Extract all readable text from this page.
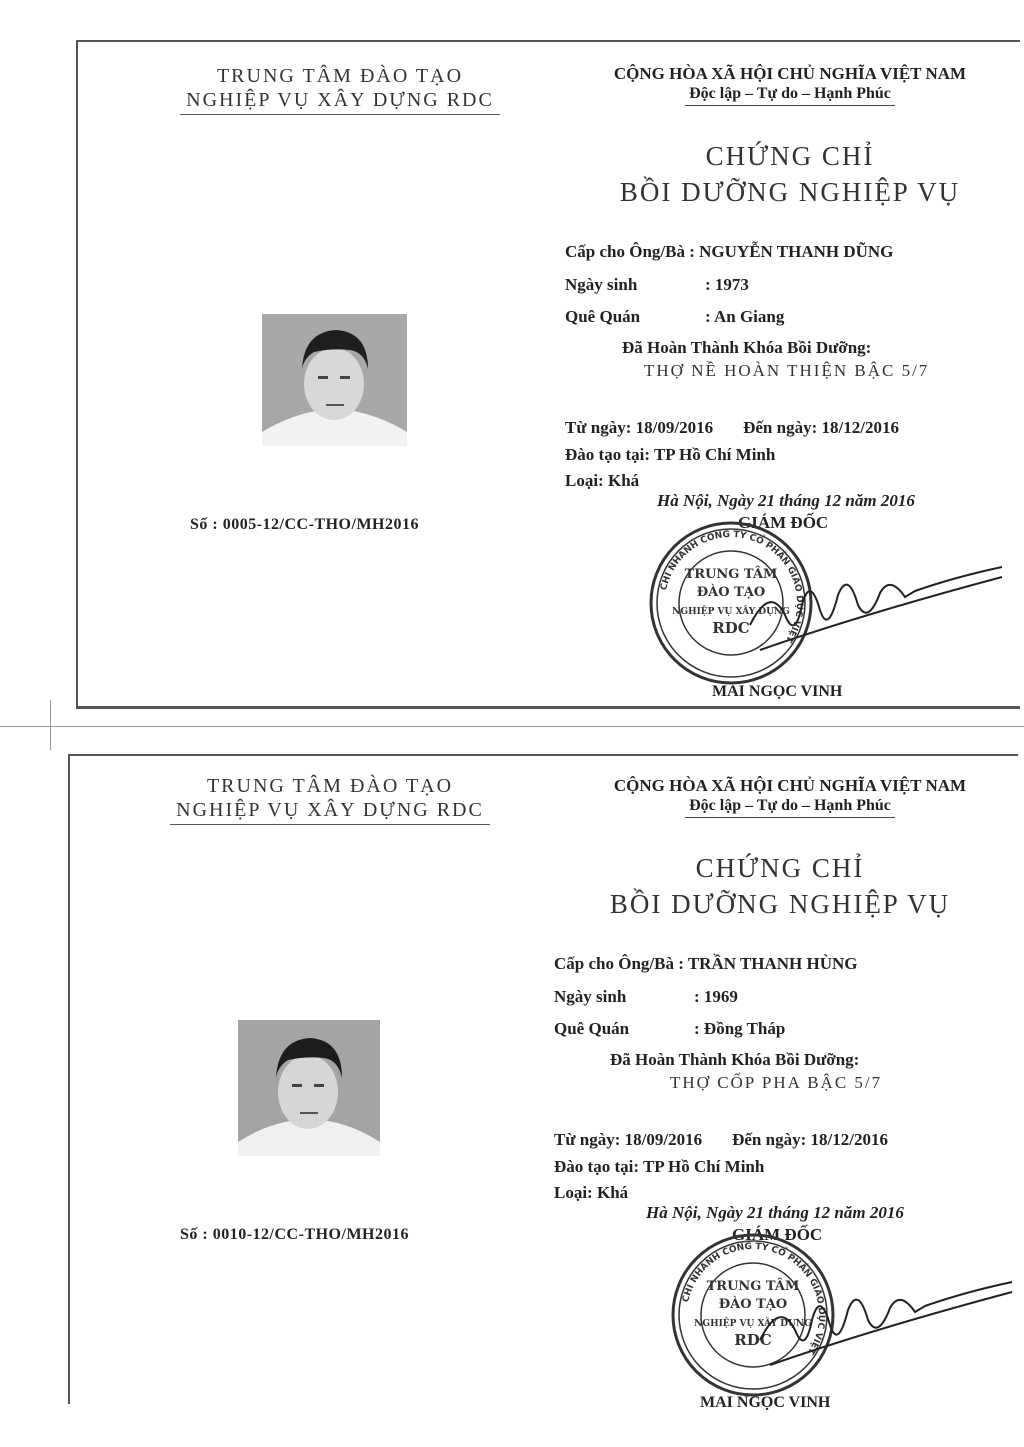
TRUNG TÂM ĐÀO TẠO
NGHIỆP VỤ XÂY DỰNG RDC
CỘNG HÒA XÃ HỘI CHỦ NGHĨA VIỆT NAM
Độc lập – Tự do – Hạnh Phúc
CHỨNG CHỈ
BỒI DƯỠNG NGHIỆP VỤ
Cấp cho Ông/Bà : NGUYỄN THANH DŨNG
Ngày sinh	: 1973
Quê Quán	: An Giang
Đã Hoàn Thành Khóa Bồi Dưỡng:
THỢ NỀ HOÀN THIỆN BẬC 5/7
Từ ngày: 18/09/2016 Đến ngày: 18/12/2016
Đào tạo tại: TP Hồ Chí Minh
Loại: Khá
Hà Nội, Ngày 21 tháng 12 năm 2016
GIÁM ĐỐC
Số : 0005-12/CC-THO/MH2016
CHI NHÁNH CÔNG TY CỔ PHẦN GIÁO DỤC VIỆT
TRUNG TÂM
ĐÀO TẠO
NGHIỆP VỤ XÂY DỰNG
RDC
MAI NGỌC VINH
TRUNG TÂM ĐÀO TẠO
NGHIỆP VỤ XÂY DỰNG RDC
CỘNG HÒA XÃ HỘI CHỦ NGHĨA VIỆT NAM
Độc lập – Tự do – Hạnh Phúc
CHỨNG CHỈ
BỒI DƯỠNG NGHIỆP VỤ
Cấp cho Ông/Bà : TRẦN THANH HÙNG
Ngày sinh	: 1969
Quê Quán	: Đồng Tháp
Đã Hoàn Thành Khóa Bồi Dưỡng:
THỢ CỐP PHA BẬC 5/7
Từ ngày: 18/09/2016 Đến ngày: 18/12/2016
Đào tạo tại: TP Hồ Chí Minh
Loại: Khá
Hà Nội, Ngày 21 tháng 12 năm 2016
GIÁM ĐỐC
Số : 0010-12/CC-THO/MH2016
CHI NHÁNH CÔNG TY CỔ PHẦN GIÁO DỤC VIỆT
TRUNG TÂM
ĐÀO TẠO
NGHIỆP VỤ XÂY DỰNG
RDC
MAI NGỌC VINH
